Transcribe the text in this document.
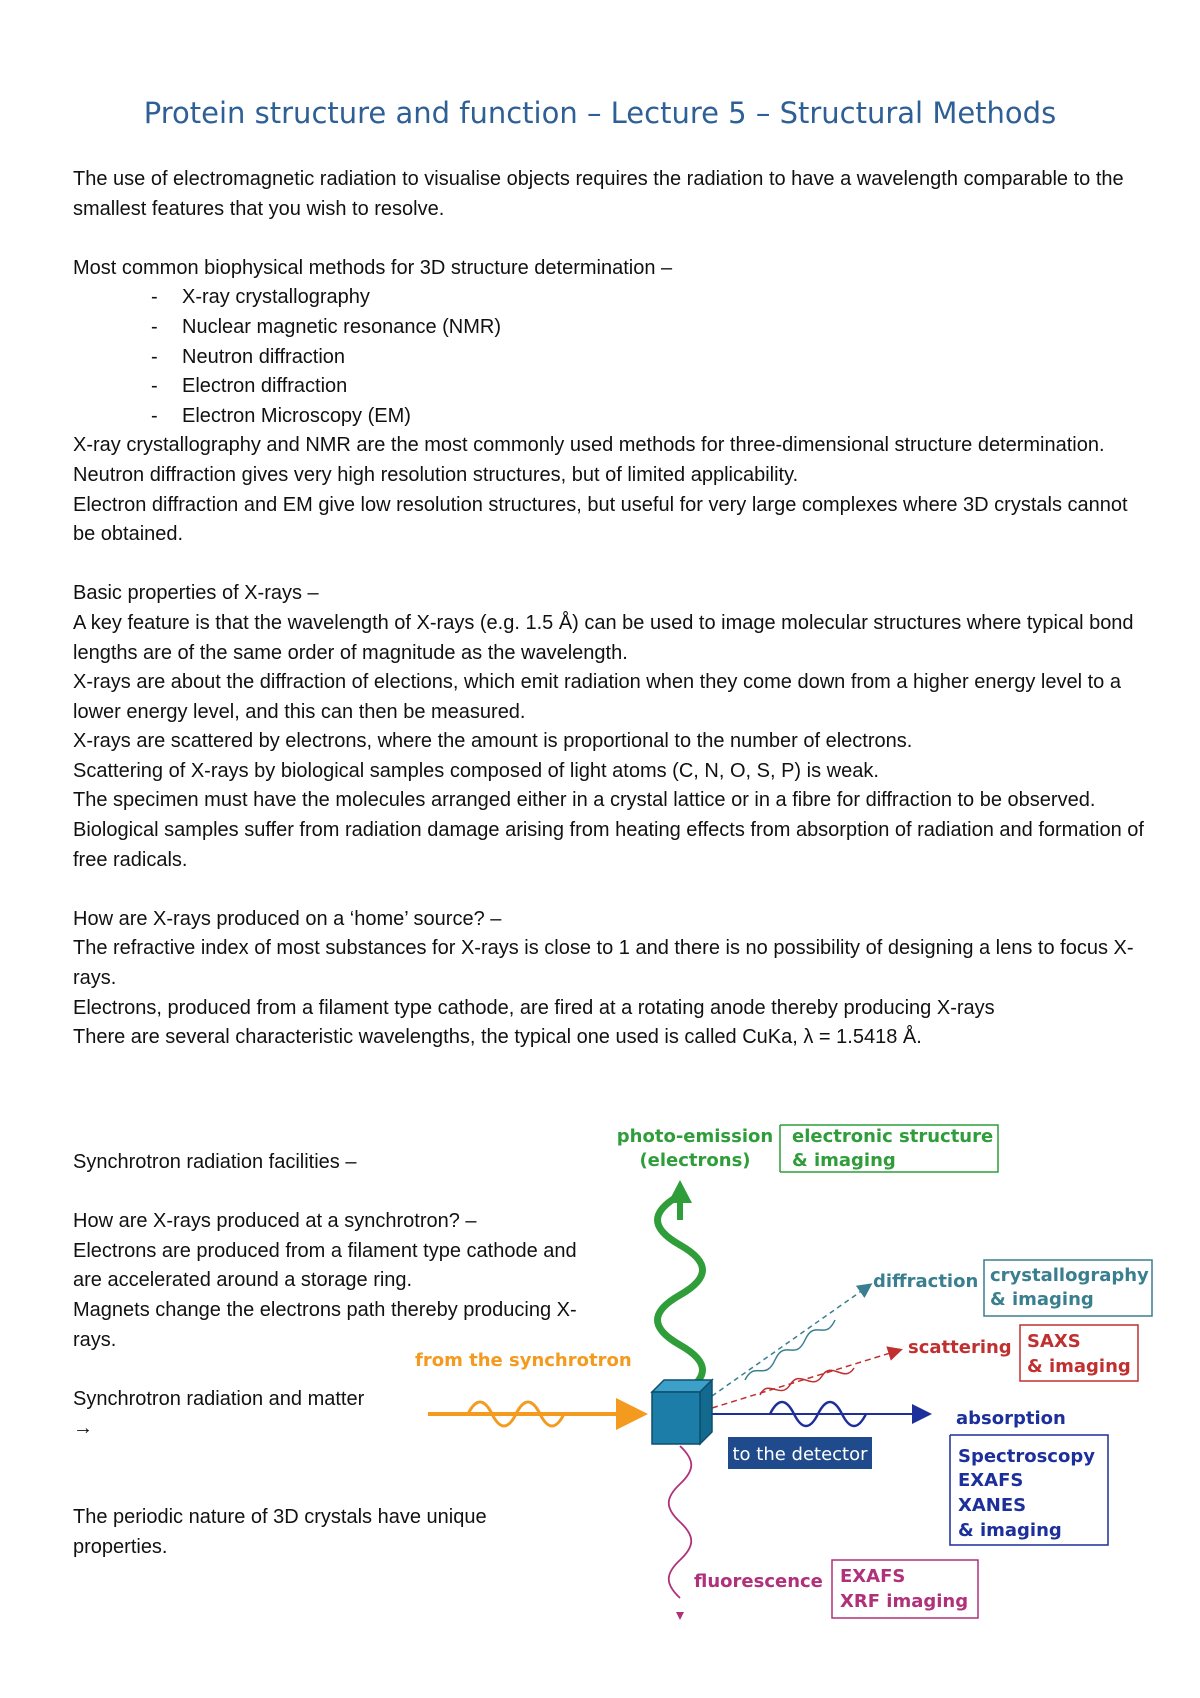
Protein structure and function – Lecture 5 – Structural Methods

The use of electromagnetic radiation to visualise objects requires the radiation to have a wavelength comparable to the smallest features that you wish to resolve.

Most common biophysical methods for 3D structure determination –

- X-ray crystallography
- Nuclear magnetic resonance (NMR)
- Neutron diffraction
- Electron diffraction
- Electron Microscopy (EM)

X-ray crystallography and NMR are the most commonly used methods for three-dimensional structure determination.

Neutron diffraction gives very high resolution structures, but of limited applicability.

Electron diffraction and EM give low resolution structures, but useful for very large complexes where 3D crystals cannot be obtained.

Basic properties of X-rays –

A key feature is that the wavelength of X-rays (e.g. 1.5 Å) can be used to image molecular structures where typical bond lengths are of the same order of magnitude as the wavelength.

X-rays are about the diffraction of elections, which emit radiation when they come down from a higher energy level to a lower energy level, and this can then be measured.

X-rays are scattered by electrons, where the amount is proportional to the number of electrons.

Scattering of X-rays by biological samples composed of light atoms (C, N, O, S, P) is weak.

The specimen must have the molecules arranged either in a crystal lattice or in a fibre for diffraction to be observed.

Biological samples suffer from radiation damage arising from heating effects from absorption of radiation and formation of free radicals.

How are X-rays produced on a ‘home’ source? –

The refractive index of most substances for X-rays is close to 1 and there is no possibility of designing a lens to focus X-rays.

Electrons, produced from a filament type cathode, are fired at a rotating anode thereby producing X-rays

There are several characteristic wavelengths, the typical one used is called CuKa, λ = 1.5418 Å.

Synchrotron radiation facilities –

How are X-rays produced at a synchrotron? –

Electrons are produced from a filament type cathode and are accelerated around a storage ring.

Magnets change the electrons path thereby producing X-rays.

Synchrotron radiation and matter
→

The periodic nature of 3D crystals have unique properties.

photo-emission
(electrons)
electronic structure
& imaging
diffraction crystallography
& imaging
scattering SAXS
& imaging
from the synchrotron
to the detector
absorption
Spectroscopy
EXAFS
XANES
& imaging
fluorescence EXAFS
XRF imaging
